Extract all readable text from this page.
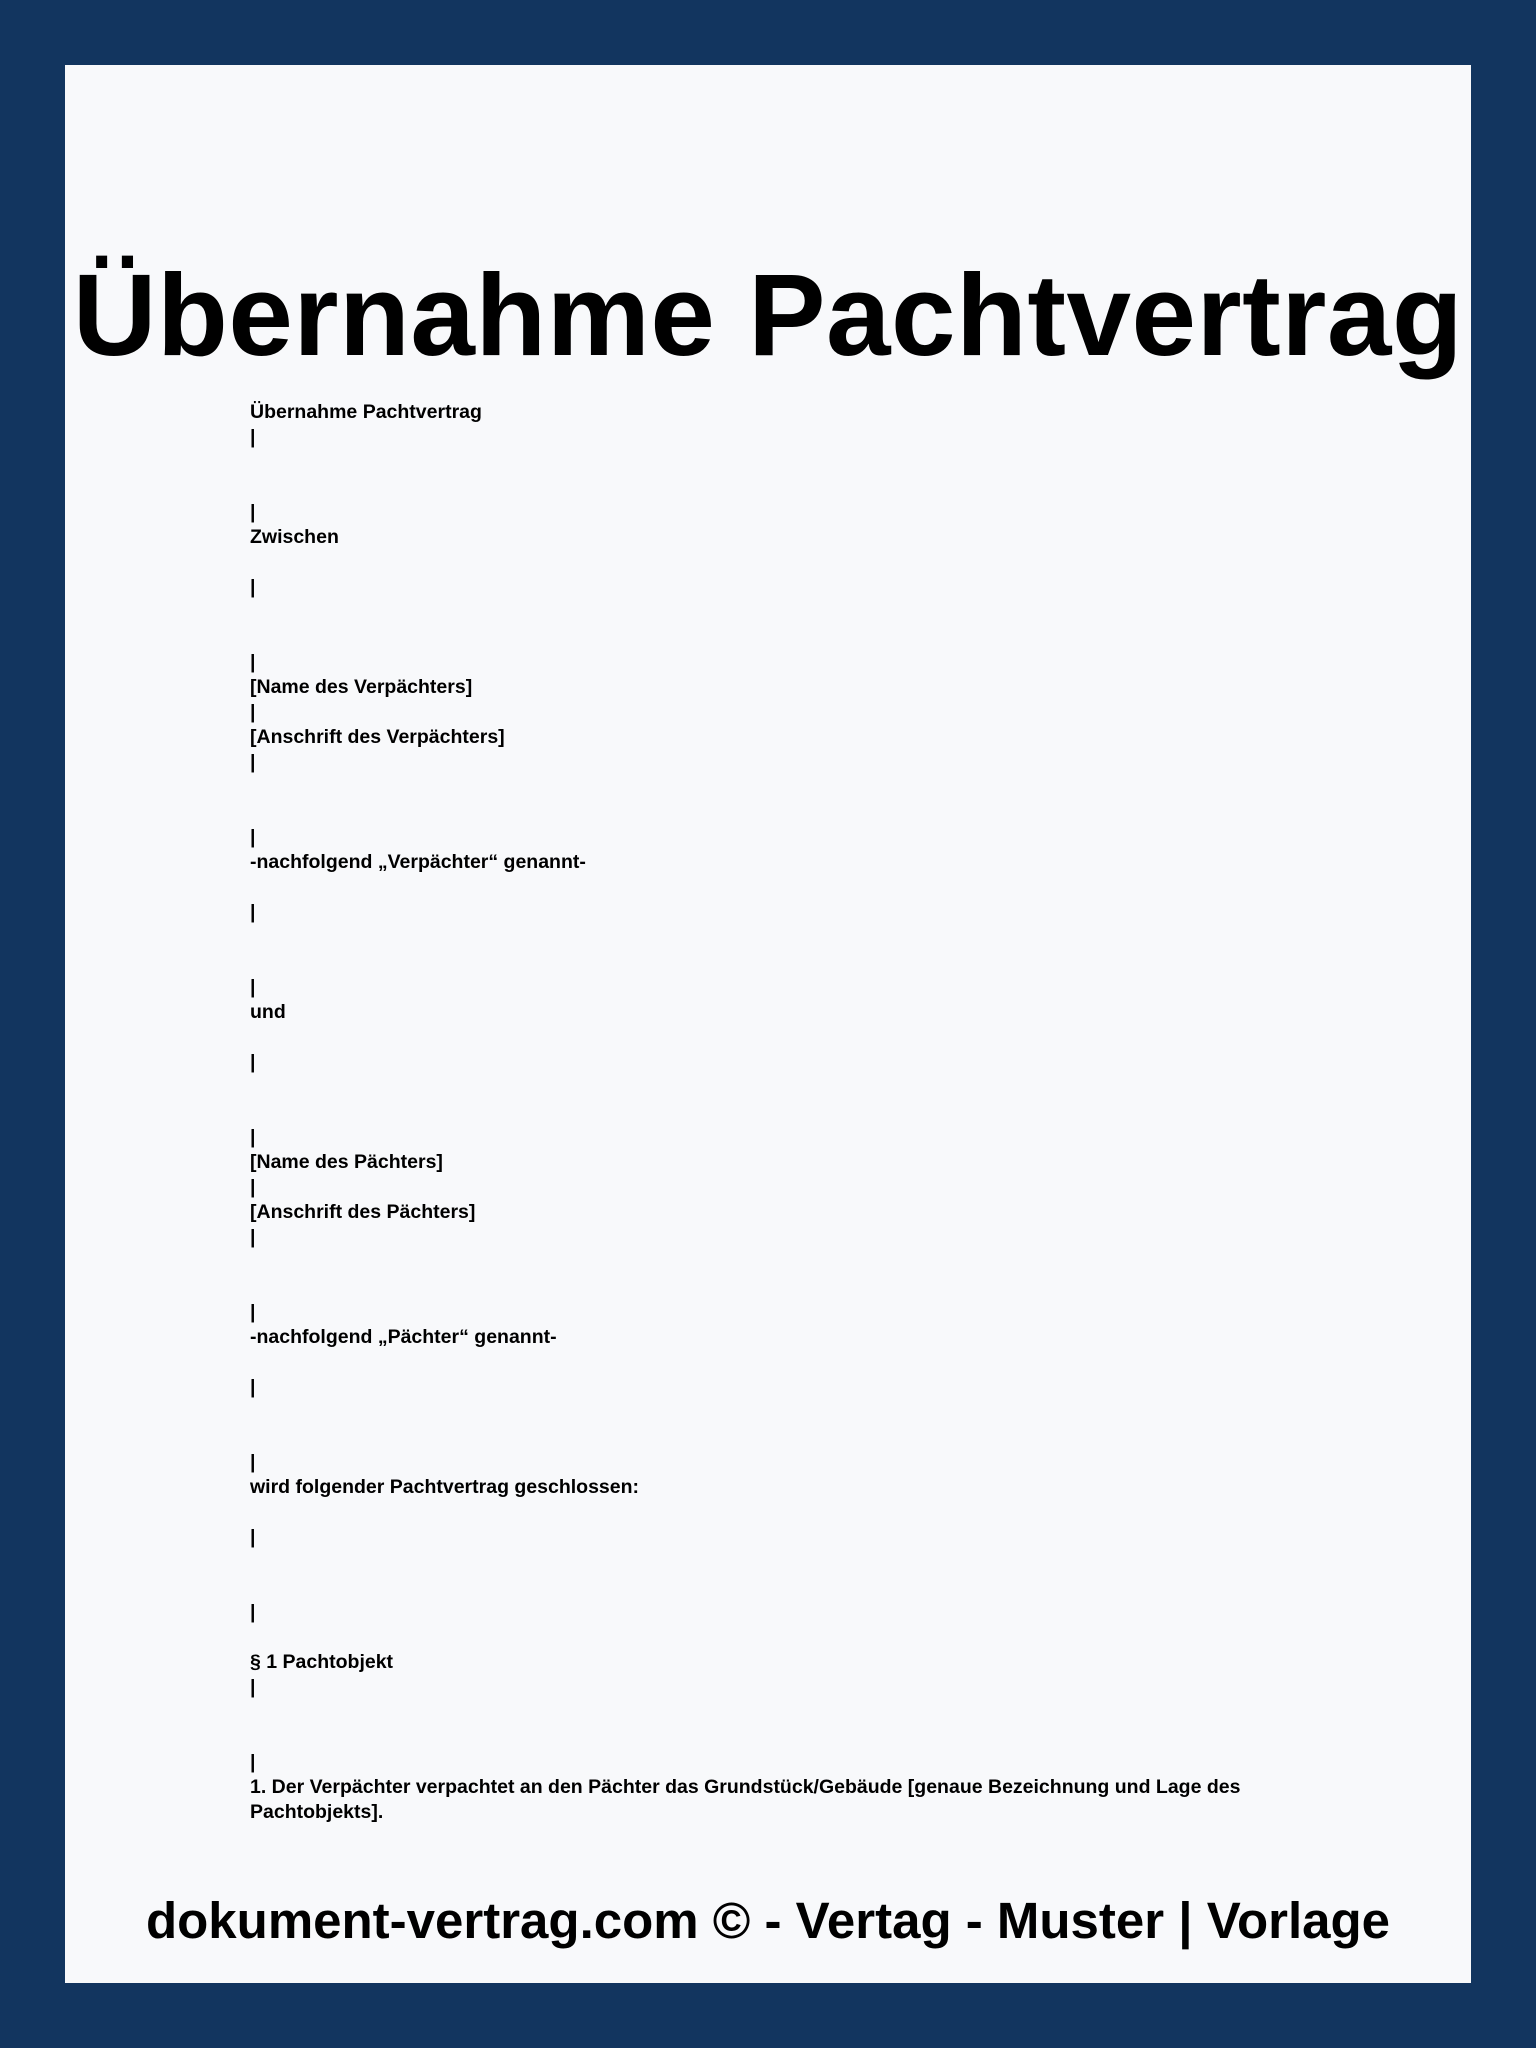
Übernahme Pachtvertrag
Übernahme Pachtvertrag
|
|
Zwischen
|
|
[Name des Verpächters]
|
[Anschrift des Verpächters]
|
|
-nachfolgend „Verpächter“ genannt-
|
|
und
|
|
[Name des Pächters]
|
[Anschrift des Pächters]
|
|
-nachfolgend „Pächter“ genannt-
|
|
wird folgender Pachtvertrag geschlossen:
|
|
§ 1 Pachtobjekt
|
|
1. Der Verpächter verpachtet an den Pächter das Grundstück/Gebäude [genaue Bezeichnung und Lage des Pachtobjekts].
dokument-vertrag.com © - Vertag - Muster | Vorlage
